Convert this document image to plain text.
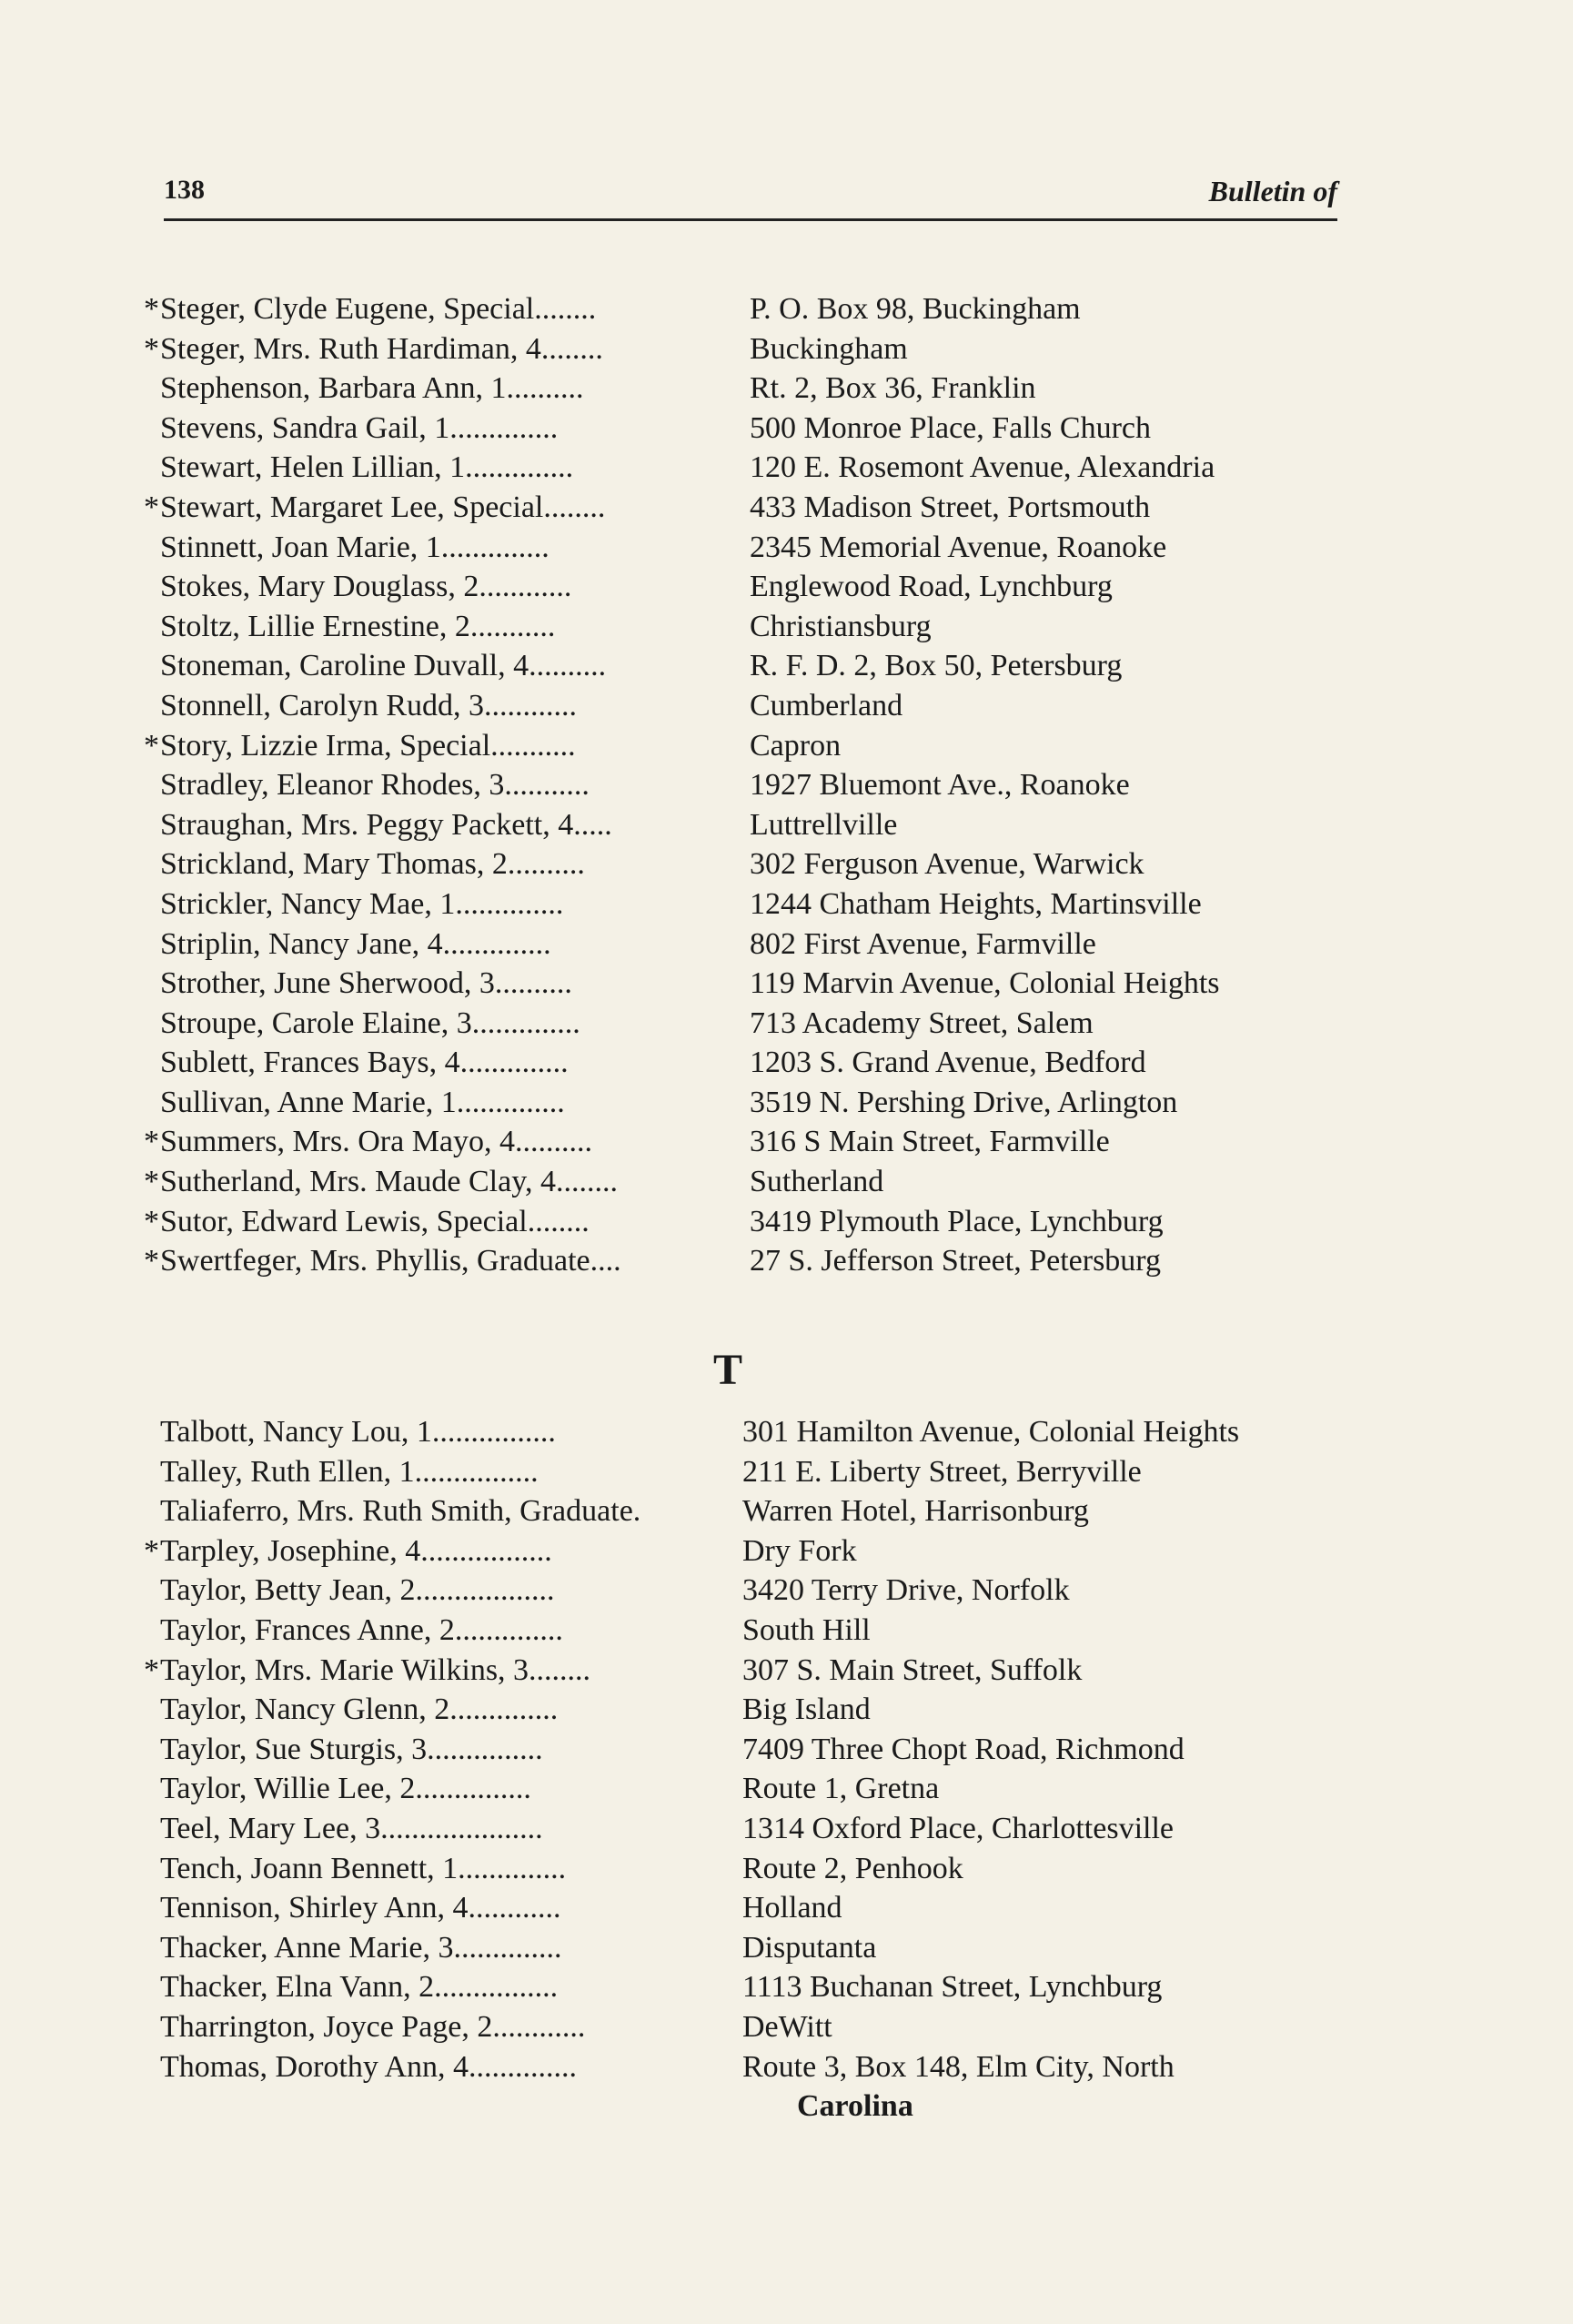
138	Bulletin of
* Steger, Clyde Eugene, Special........	P. O. Box 98, Buckingham
* Steger, Mrs. Ruth Hardiman, 4........	Buckingham
Stephenson, Barbara Ann, 1..........	Rt. 2, Box 36, Franklin
Stevens, Sandra Gail, 1..............	500 Monroe Place, Falls Church
Stewart, Helen Lillian, 1..............	120 E. Rosemont Avenue, Alexandria
* Stewart, Margaret Lee, Special........	433 Madison Street, Portsmouth
Stinnett, Joan Marie, 1..............	2345 Memorial Avenue, Roanoke
Stokes, Mary Douglass, 2............	Englewood Road, Lynchburg
Stoltz, Lillie Ernestine, 2...........	Christiansburg
Stoneman, Caroline Duvall, 4..........	R. F. D. 2, Box 50, Petersburg
Stonnell, Carolyn Rudd, 3............	Cumberland
* Story, Lizzie Irma, Special...........	Capron
Stradley, Eleanor Rhodes, 3...........	1927 Bluemont Ave., Roanoke
Straughan, Mrs. Peggy Packett, 4.....	Luttrellville
Strickland, Mary Thomas, 2..........	302 Ferguson Avenue, Warwick
Strickler, Nancy Mae, 1..............	1244 Chatham Heights, Martinsville
Striplin, Nancy Jane, 4..............	802 First Avenue, Farmville
Strother, June Sherwood, 3..........	119 Marvin Avenue, Colonial Heights
Stroupe, Carole Elaine, 3..............	713 Academy Street, Salem
Sublett, Frances Bays, 4..............	1203 S. Grand Avenue, Bedford
Sullivan, Anne Marie, 1..............	3519 N. Pershing Drive, Arlington
* Summers, Mrs. Ora Mayo, 4..........	316 S Main Street, Farmville
* Sutherland, Mrs. Maude Clay, 4........	Sutherland
* Sutor, Edward Lewis, Special........	3419 Plymouth Place, Lynchburg
* Swertfeger, Mrs. Phyllis, Graduate....	27 S. Jefferson Street, Petersburg
T
Talbott, Nancy Lou, 1................	301 Hamilton Avenue, Colonial Heights
Talley, Ruth Ellen, 1................	211 E. Liberty Street, Berryville
Taliaferro, Mrs. Ruth Smith, Graduate.	Warren Hotel, Harrisonburg
* Tarpley, Josephine, 4.................	Dry Fork
Taylor, Betty Jean, 2..................	3420 Terry Drive, Norfolk
Taylor, Frances Anne, 2..............	South Hill
* Taylor, Mrs. Marie Wilkins, 3........	307 S. Main Street, Suffolk
Taylor, Nancy Glenn, 2..............	Big Island
Taylor, Sue Sturgis, 3...............	7409 Three Chopt Road, Richmond
Taylor, Willie Lee, 2...............	Route 1, Gretna
Teel, Mary Lee, 3.....................	1314 Oxford Place, Charlottesville
Tench, Joann Bennett, 1..............	Route 2, Penhook
Tennison, Shirley Ann, 4............	Holland
Thacker, Anne Marie, 3..............	Disputanta
Thacker, Elna Vann, 2................	1113 Buchanan Street, Lynchburg
Tharrington, Joyce Page, 2............	DeWitt
Thomas, Dorothy Ann, 4..............	Route 3, Box 148, Elm City, North
Carolina
